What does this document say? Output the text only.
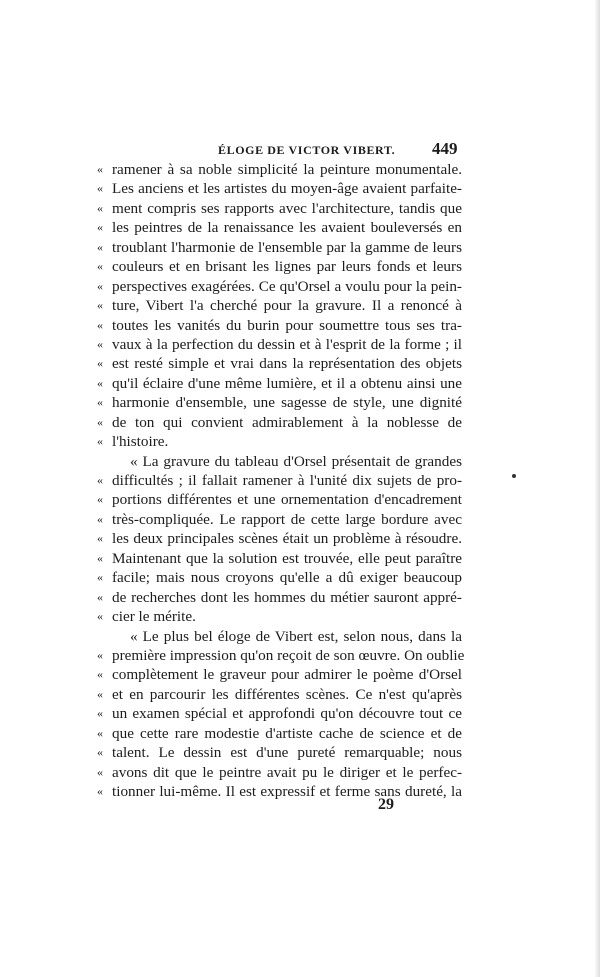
ÉLOGE DE VICTOR VIBERT. 449
« ramener à sa noble simplicité la peinture monumentale.
« Les anciens et les artistes du moyen-âge avaient parfaite-
« ment compris ses rapports avec l'architecture, tandis que
« les peintres de la renaissance les avaient bouleversés en
« troublant l'harmonie de l'ensemble par la gamme de leurs
« couleurs et en brisant les lignes par leurs fonds et leurs
« perspectives exagérées. Ce qu'Orsel a voulu pour la pein-
« ture, Vibert l'a cherché pour la gravure. Il a renoncé à
« toutes les vanités du burin pour soumettre tous ses tra-
« vaux à la perfection du dessin et à l'esprit de la forme ; il
« est resté simple et vrai dans la représentation des objets
« qu'il éclaire d'une même lumière, et il a obtenu ainsi une
« harmonie d'ensemble, une sagesse de style, une dignité
« de ton qui convient admirablement à la noblesse de
« l'histoire.
« La gravure du tableau d'Orsel présentait de grandes
« difficultés ; il fallait ramener à l'unité dix sujets de pro-
« portions différentes et une ornementation d'encadrement
« très-compliquée. Le rapport de cette large bordure avec
« les deux principales scènes était un problème à résoudre.
« Maintenant que la solution est trouvée, elle peut paraître
« facile; mais nous croyons qu'elle a dû exiger beaucoup
« de recherches dont les hommes du métier sauront appré-
« cier le mérite.
« Le plus bel éloge de Vibert est, selon nous, dans la
« première impression qu'on reçoit de son œuvre. On oublie
« complètement le graveur pour admirer le poème d'Orsel
« et en parcourir les différentes scènes. Ce n'est qu'après
« un examen spécial et approfondi qu'on découvre tout ce
« que cette rare modestie d'artiste cache de science et de
« talent. Le dessin est d'une pureté remarquable; nous
« avons dit que le peintre avait pu le diriger et le perfec-
« tionner lui-même. Il est expressif et ferme sans dureté, la
29
